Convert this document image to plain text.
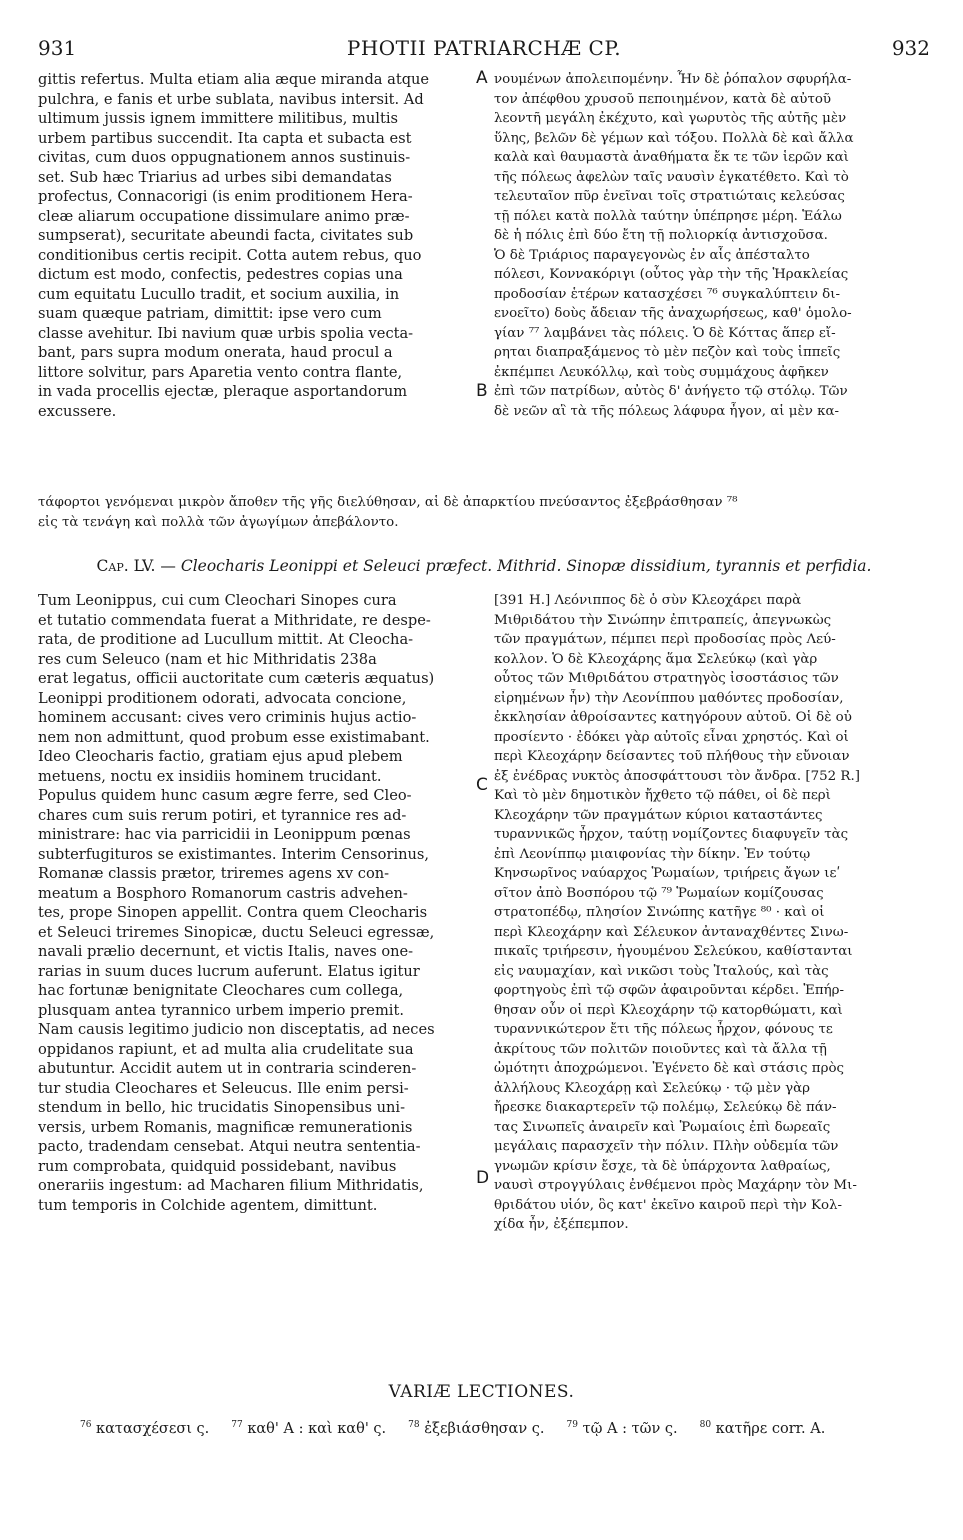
931	PHOTII PATRIARCHÆ CP.	932
gittis refertus. Multa etiam alia æque miranda atque
pulchra, e fanis et urbe sublata, navibus intersit. Ad
ultimum jussis ignem immittere militibus, multis
urbem partibus succendit. Ita capta et subacta est
civitas, cum duos oppugnationem annos sustinuis-
set. Sub hæc Triarius ad urbes sibi demandatas
profectus, Connacorigi (is enim proditionem Hera-
cleæ aliarum occupatione dissimulare animo præ-
sumpserat), securitate abeundi facta, civitates sub
conditionibus certis recipit. Cotta autem rebus, quo
dictum est modo, confectis, pedestres copias una
cum equitatu Lucullo tradit, et socium auxilia, in
suam quæque patriam, dimittit: ipse vero cum
classe avehitur. Ibi navium quæ urbis spolia vecta-
bant, pars supra modum onerata, haud procul a
littore solvitur, pars Aparetia vento contra flante,
in vada procellis ejectæ, pleraque asportandorum
excussere.
νουμένων ἀπολειπομένην. Ἦν δὲ ῥόπαλον σφυρήλα-
τον ἀπέφθου χρυσοῦ πεποιημένον, κατὰ δὲ αὐτοῦ
λεοντῆ μεγάλη ἐκέχυτο, καὶ γωρυτὸς τῆς αὐτῆς μὲν
ὕλης, βελῶν δὲ γέμων καὶ τόξου. Πολλὰ δὲ καὶ ἄλλα
καλὰ καὶ θαυμαστὰ ἀναθήματα ἔκ τε τῶν ἱερῶν καὶ
τῆς πόλεως ἀφελὼν ταῖς ναυσὶν ἐγκατέθετο. Καὶ τὸ
τελευταῖον πῦρ ἐνεῖναι τοῖς στρατιώταις κελεύσας
τῇ πόλει κατὰ πολλὰ ταύτην ὑπέπρησε μέρη. Ἑάλω
δὲ ἡ πόλις ἐπὶ δύο ἔτη τῇ πολιορκίᾳ ἀντισχοῦσα.
Ὁ δὲ Τριάριος παραγεγονὼς ἐν αἷς ἀπέσταλτο
πόλεσι, Κοννακόριγι (οὗτος γὰρ τὴν τῆς Ἡρακλείας
προδοσίαν ἑτέρων κατασχέσει ⁷⁶ συγκαλύπτειν δι-
ενοεῖτο) δοὺς ἄδειαν τῆς ἀναχωρήσεως, καθ' ὁμολο-
γίαν ⁷⁷ λαμβάνει τὰς πόλεις. Ὁ δὲ Κόττας ἅπερ εἴ-
ρηται διαπραξάμενος τὸ μὲν πεζὸν καὶ τοὺς ἱππεῖς
ἐκπέμπει Λευκόλλῳ, καὶ τοὺς συμμάχους ἀφῆκεν
ἐπὶ τῶν πατρίδων, αὐτὸς δ' ἀνήγετο τῷ στόλῳ. Τῶν
δὲ νεῶν αἳ τὰ τῆς πόλεως λάφυρα ἦγον, αἱ μὲν κα-
A
B
C
D
τάφορτοι γενόμεναι μικρὸν ἄποθεν τῆς γῆς διελύθησαν, αἱ δὲ ἀπαρκτίου πνεύσαντος ἐξεβράσθησαν ⁷⁸
εἰς τὰ τενάγη καὶ πολλὰ τῶν ἀγωγίμων ἀπεβάλοντο.
Cap. LV. — Cleocharis Leonippi et Seleuci præfect. Mithrid. Sinopæ dissidium, tyrannis et perfidia.
Tum Leonippus, cui cum Cleochari Sinopes cura
et tutatio commendata fuerat a Mithridate, re despe-
rata, de proditione ad Lucullum mittit. At Cleocha-
res cum Seleuco (nam et hic Mithridatis 238a
erat legatus, officii auctoritate cum cæteris æquatus)
Leonippi proditionem odorati, advocata concione,
hominem accusant: cives vero criminis hujus actio-
nem non admittunt, quod probum esse existimabant.
Ideo Cleocharis factio, gratiam ejus apud plebem
metuens, noctu ex insidiis hominem trucidant.
Populus quidem hunc casum ægre ferre, sed Cleo-
chares cum suis rerum potiri, et tyrannice res ad-
ministrare: hac via parricidii in Leonippum pœnas
subterfugituros se existimantes. Interim Censorinus,
Romanæ classis prætor, triremes agens xv con-
meatum a Bosphoro Romanorum castris advehen-
tes, prope Sinopen appellit. Contra quem Cleocharis
et Seleuci triremes Sinopicæ, ductu Seleuci egressæ,
navali prælio decernunt, et victis Italis, naves one-
rarias in suum duces lucrum auferunt. Elatus igitur
hac fortunæ benignitate Cleochares cum collega,
plusquam antea tyrannico urbem imperio premit.
Nam causis legitimo judicio non disceptatis, ad neces
oppidanos rapiunt, et ad multa alia crudelitate sua
abutuntur. Accidit autem ut in contraria scinderen-
tur studia Cleochares et Seleucus. Ille enim persi-
stendum in bello, hic trucidatis Sinopensibus uni-
versis, urbem Romanis, magnificæ remunerationis
pacto, tradendam censebat. Atqui neutra sententia-
rum comprobata, quidquid possidebant, navibus
onerariis ingestum: ad Macharen filium Mithridatis,
tum temporis in Colchide agentem, dimittunt.
[391 H.] Λεόνιππος δὲ ὁ σὺν Κλεοχάρει παρὰ
Μιθριδάτου τὴν Σινώπην ἐπιτραπείς, ἀπεγνωκὼς
τῶν πραγμάτων, πέμπει περὶ προδοσίας πρὸς Λεύ-
κολλον. Ὁ δὲ Κλεοχάρης ἅμα Σελεύκῳ (καὶ γὰρ
οὗτος τῶν Μιθριδάτου στρατηγὸς ἰσοστάσιος τῶν
εἰρημένων ἦν) τὴν Λεονίππου μαθόντες προδοσίαν,
ἐκκλησίαν ἀθροίσαντες κατηγόρουν αὐτοῦ. Οἱ δὲ οὐ
προσίεντο · ἐδόκει γὰρ αὐτοῖς εἶναι χρηστός. Καὶ οἱ
περὶ Κλεοχάρην δείσαντες τοῦ πλήθους τὴν εὔνοιαν
ἐξ ἐνέδρας νυκτὸς ἀποσφάττουσι τὸν ἄνδρα. [752 R.]
Καὶ τὸ μὲν δημοτικὸν ἤχθετο τῷ πάθει, οἱ δὲ περὶ
Κλεοχάρην τῶν πραγμάτων κύριοι καταστάντες
τυραννικῶς ἦρχον, ταύτῃ νομίζοντες διαφυγεῖν τὰς
ἐπὶ Λεονίππῳ μιαιφονίας τὴν δίκην. Ἐν τούτῳ
Κηνσωρῖνος ναύαρχος Ῥωμαίων, τριήρεις ἄγων ιεʹ
σῖτον ἀπὸ Βοσπόρου τῷ ⁷⁹ Ῥωμαίων κομίζουσας
στρατοπέδῳ, πλησίον Σινώπης κατῆγε ⁸⁰ · καὶ οἱ
περὶ Κλεοχάρην καὶ Σέλευκον ἀνταναχθέντες Σινω-
πικαῖς τριήρεσιν, ἡγουμένου Σελεύκου, καθίστανται
εἰς ναυμαχίαν, καὶ νικῶσι τοὺς Ἰταλούς, καὶ τὰς
φορτηγοὺς ἐπὶ τῷ σφῶν ἀφαιροῦνται κέρδει. Ἐπήρ-
θησαν οὖν οἱ περὶ Κλεοχάρην τῷ κατορθώματι, καὶ
τυραννικώτερον ἔτι τῆς πόλεως ἦρχον, φόνους τε
ἀκρίτους τῶν πολιτῶν ποιοῦντες καὶ τὰ ἄλλα τῇ
ὠμότητι ἀποχρώμενοι. Ἐγένετο δὲ καὶ στάσις πρὸς
ἀλλήλους Κλεοχάρῃ καὶ Σελεύκῳ · τῷ μὲν γὰρ
ἤρεσκε διακαρτερεῖν τῷ πολέμῳ, Σελεύκῳ δὲ πάν-
τας Σινωπεῖς ἀναιρεῖν καὶ Ῥωμαίοις ἐπὶ δωρεαῖς
μεγάλαις παρασχεῖν τὴν πόλιν. Πλὴν οὐδεμία τῶν
γνωμῶν κρίσιν ἔσχε, τὰ δὲ ὑπάρχοντα λαθραίως,
ναυσὶ στρογγύλαις ἐνθέμενοι πρὸς Μαχάρην τὸν Μι-
θριδάτου υἱόν, ὃς κατ' ἐκεῖνο καιροῦ περὶ τὴν Κολ-
χίδα ἦν, ἐξέπεμπον.
VARIÆ LECTIONES.
$^{76}$ κατασχέσεσι ς. $^{77}$ καθ' A : καὶ καθ' ς. $^{78}$ ἐξεβιάσθησαν ς. $^{79}$ τῷ A : τῶν ς. $^{80}$ κατῆρε corr. A.
